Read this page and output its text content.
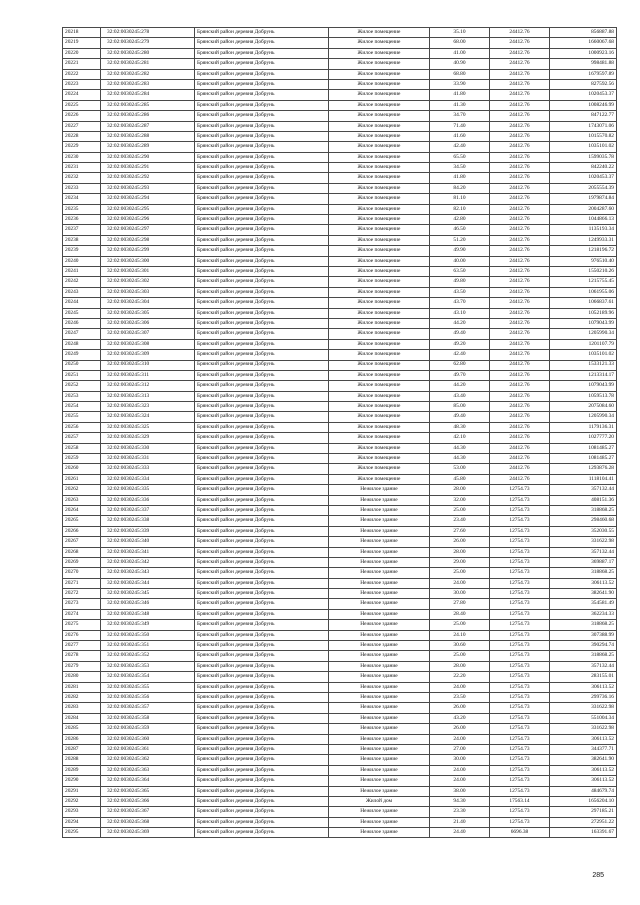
20218	32:02:0030245:278	Брянский район деревня Добрунь	Жилое помещение	35.10	24412.76	856887.88
20219	32:02:0030245:279	Брянский район деревня Добрунь	Жилое помещение	68.00	24412.76	1660067.68
20220	32:02:0030245:280	Брянский район деревня Добрунь	Жилое помещение	41.00	24412.76	1000923.16
20221	32:02:0030245:281	Брянский район деревня Добрунь	Жилое помещение	40.90	24412.76	998481.88
20222	32:02:0030245:282	Брянский район деревня Добрунь	Жилое помещение	68.80	24412.76	1679597.89
20223	32:02:0030245:283	Брянский район деревня Добрунь	Жилое помещение	33.90	24412.76	827592.56
20224	32:02:0030245:284	Брянский район деревня Добрунь	Жилое помещение	41.80	24412.76	1020453.37
20225	32:02:0030245:285	Брянский район деревня Добрунь	Жилое помещение	41.30	24412.76	1008246.99
20226	32:02:0030245:286	Брянский район деревня Добрунь	Жилое помещение	34.70	24412.76	847122.77
20227	32:02:0030245:287	Брянский район деревня Добрунь	Жилое помещение	71.40	24412.76	1743071.06
20228	32:02:0030245:288	Брянский район деревня Добрунь	Жилое помещение	41.60	24412.76	1015570.82
20229	32:02:0030245:289	Брянский район деревня Добрунь	Жилое помещение	42.40	24412.76	1035101.02
20230	32:02:0030245:290	Брянский район деревня Добрунь	Жилое помещение	65.50	24412.76	1599035.78
20231	32:02:0030245:291	Брянский район деревня Добрунь	Жилое помещение	34.50	24412.76	842240.22
20232	32:02:0030245:292	Брянский район деревня Добрунь	Жилое помещение	41.80	24412.76	1020453.37
20233	32:02:0030245:293	Брянский район деревня Добрунь	Жилое помещение	84.20	24412.76	2055554.39
20234	32:02:0030245:294	Брянский район деревня Добрунь	Жилое помещение	81.10	24412.76	1979874.84
20235	32:02:0030245:295	Брянский район деревня Добрунь	Жилое помещение	82.10	24412.76	2004287.60
20236	32:02:0030245:296	Брянский район деревня Добрунь	Жилое помещение	42.80	24412.76	1044866.13
20237	32:02:0030245:297	Брянский район деревня Добрунь	Жилое помещение	46.50	24412.76	1135193.34
20238	32:02:0030245:298	Брянский район деревня Добрунь	Жилое помещение	51.20	24412.76	1249933.31
20239	32:02:0030245:299	Брянский район деревня Добрунь	Жилое помещение	49.90	24412.76	1218196.72
20240	32:02:0030245:300	Брянский район деревня Добрунь	Жилое помещение	40.00	24412.76	976510.40
20241	32:02:0030245:301	Брянский район деревня Добрунь	Жилое помещение	63.50	24412.76	1550210.26
20242	32:02:0030245:302	Брянский район деревня Добрунь	Жилое помещение	49.80	24412.76	1215755.45
20243	32:02:0030245:303	Брянский район деревня Добрунь	Жилое помещение	43.50	24412.76	1061955.06
20244	32:02:0030245:304	Брянский район деревня Добрунь	Жилое помещение	43.70	24412.76	1066837.61
20245	32:02:0030245:305	Брянский район деревня Добрунь	Жилое помещение	43.10	24412.76	1052189.96
20246	32:02:0030245:306	Брянский район деревня Добрунь	Жилое помещение	44.20	24412.76	1079043.99
20247	32:02:0030245:307	Брянский район деревня Добрунь	Жилое помещение	49.40	24412.76	1205990.34
20248	32:02:0030245:308	Брянский район деревня Добрунь	Жилое помещение	49.20	24412.76	1201107.79
20249	32:02:0030245:309	Брянский район деревня Добрунь	Жилое помещение	42.40	24412.76	1035101.02
20250	32:02:0030245:310	Брянский район деревня Добрунь	Жилое помещение	62.80	24412.76	1533121.33
20251	32:02:0030245:311	Брянский район деревня Добрунь	Жилое помещение	49.70	24412.76	1213314.17
20252	32:02:0030245:312	Брянский район деревня Добрунь	Жилое помещение	44.20	24412.76	1079043.99
20253	32:02:0030245:313	Брянский район деревня Добрунь	Жилое помещение	43.40	24412.76	1059513.78
20254	32:02:0030245:323	Брянский район деревня Добрунь	Жилое помещение	85.00	24412.76	2075084.60
20255	32:02:0030245:324	Брянский район деревня Добрунь	Жилое помещение	49.40	24412.76	1205990.34
20256	32:02:0030245:325	Брянский район деревня Добрунь	Жилое помещение	48.30	24412.76	1179136.31
20257	32:02:0030245:329	Брянский район деревня Добрунь	Жилое помещение	42.10	24412.76	1027777.20
20258	32:02:0030245:330	Брянский район деревня Добрунь	Жилое помещение	44.30	24412.76	1081485.27
20259	32:02:0030245:331	Брянский район деревня Добрунь	Жилое помещение	44.30	24412.76	1081485.27
20260	32:02:0030245:333	Брянский район деревня Добрунь	Жилое помещение	53.00	24412.76	1293876.28
20261	32:02:0030245:334	Брянский район деревня Добрунь	Жилое помещение	45.80	24412.76	1118104.41
20262	32:02:0030245:335	Брянский район деревня Добрунь	Нежилое здание	28.00	12754.73	357132.44
20263	32:02:0030245:336	Брянский район деревня Добрунь	Нежилое здание	32.00	12754.73	408151.36
20264	32:02:0030245:337	Брянский район деревня Добрунь	Нежилое здание	25.00	12754.73	318868.25
20265	32:02:0030245:338	Брянский район деревня Добрунь	Нежилое здание	23.40	12754.73	298460.68
20266	32:02:0030245:339	Брянский район деревня Добрунь	Нежилое здание	27.60	12754.73	352030.55
20267	32:02:0030245:340	Брянский район деревня Добрунь	Нежилое здание	26.00	12754.73	331622.98
20268	32:02:0030245:341	Брянский район деревня Добрунь	Нежилое здание	28.00	12754.73	357132.44
20269	32:02:0030245:342	Брянский район деревня Добрунь	Нежилое здание	29.00	12754.73	369887.17
20270	32:02:0030245:343	Брянский район деревня Добрунь	Нежилое здание	25.00	12754.73	318868.25
20271	32:02:0030245:344	Брянский район деревня Добрунь	Нежилое здание	24.00	12754.73	306113.52
20272	32:02:0030245:345	Брянский район деревня Добрунь	Нежилое здание	30.00	12754.73	382641.90
20273	32:02:0030245:346	Брянский район деревня Добрунь	Нежилое здание	27.80	12754.73	354581.49
20274	32:02:0030245:348	Брянский район деревня Добрунь	Нежилое здание	28.40	12754.73	362234.33
20275	32:02:0030245:349	Брянский район деревня Добрунь	Нежилое здание	25.00	12754.73	318868.25
20276	32:02:0030245:350	Брянский район деревня Добрунь	Нежилое здание	24.10	12754.73	307388.99
20277	32:02:0030245:351	Брянский район деревня Добрунь	Нежилое здание	30.60	12754.73	390294.74
20278	32:02:0030245:352	Брянский район деревня Добрунь	Нежилое здание	25.00	12754.73	318868.25
20279	32:02:0030245:353	Брянский район деревня Добрунь	Нежилое здание	28.00	12754.73	357132.44
20280	32:02:0030245:354	Брянский район деревня Добрунь	Нежилое здание	22.20	12754.73	283155.01
20281	32:02:0030245:355	Брянский район деревня Добрунь	Нежилое здание	24.00	12754.73	306113.52
20282	32:02:0030245:356	Брянский район деревня Добрунь	Нежилое здание	23.50	12754.73	299736.16
20283	32:02:0030245:357	Брянский район деревня Добрунь	Нежилое здание	26.00	12754.73	331622.98
20284	32:02:0030245:358	Брянский район деревня Добрунь	Нежилое здание	43.20	12754.73	551004.34
20285	32:02:0030245:359	Брянский район деревня Добрунь	Нежилое здание	26.00	12754.73	331622.98
20286	32:02:0030245:360	Брянский район деревня Добрунь	Нежилое здание	24.00	12754.73	306113.52
20287	32:02:0030245:361	Брянский район деревня Добрунь	Нежилое здание	27.00	12754.73	344377.71
20288	32:02:0030245:362	Брянский район деревня Добрунь	Нежилое здание	30.00	12754.73	382641.90
20289	32:02:0030245:363	Брянский район деревня Добрунь	Нежилое здание	24.00	12754.73	306113.52
20290	32:02:0030245:364	Брянский район деревня Добрунь	Нежилое здание	24.00	12754.73	306113.52
20291	32:02:0030245:365	Брянский район деревня Добрунь	Нежилое здание	38.00	12754.73	484679.74
20292	32:02:0030245:366	Брянский район деревня Добрунь	Жилой дом	94.30	17563.14	1656204.10
20293	32:02:0030245:367	Брянский район деревня Добрунь	Нежилое здание	23.30	12754.73	297185.21
20294	32:02:0030245:368	Брянский район деревня Добрунь	Нежилое здание	21.40	12754.73	272951.22
20295	32:02:0030245:369	Брянский район деревня Добрунь	Нежилое здание	24.40	6696.38	163391.67
285
